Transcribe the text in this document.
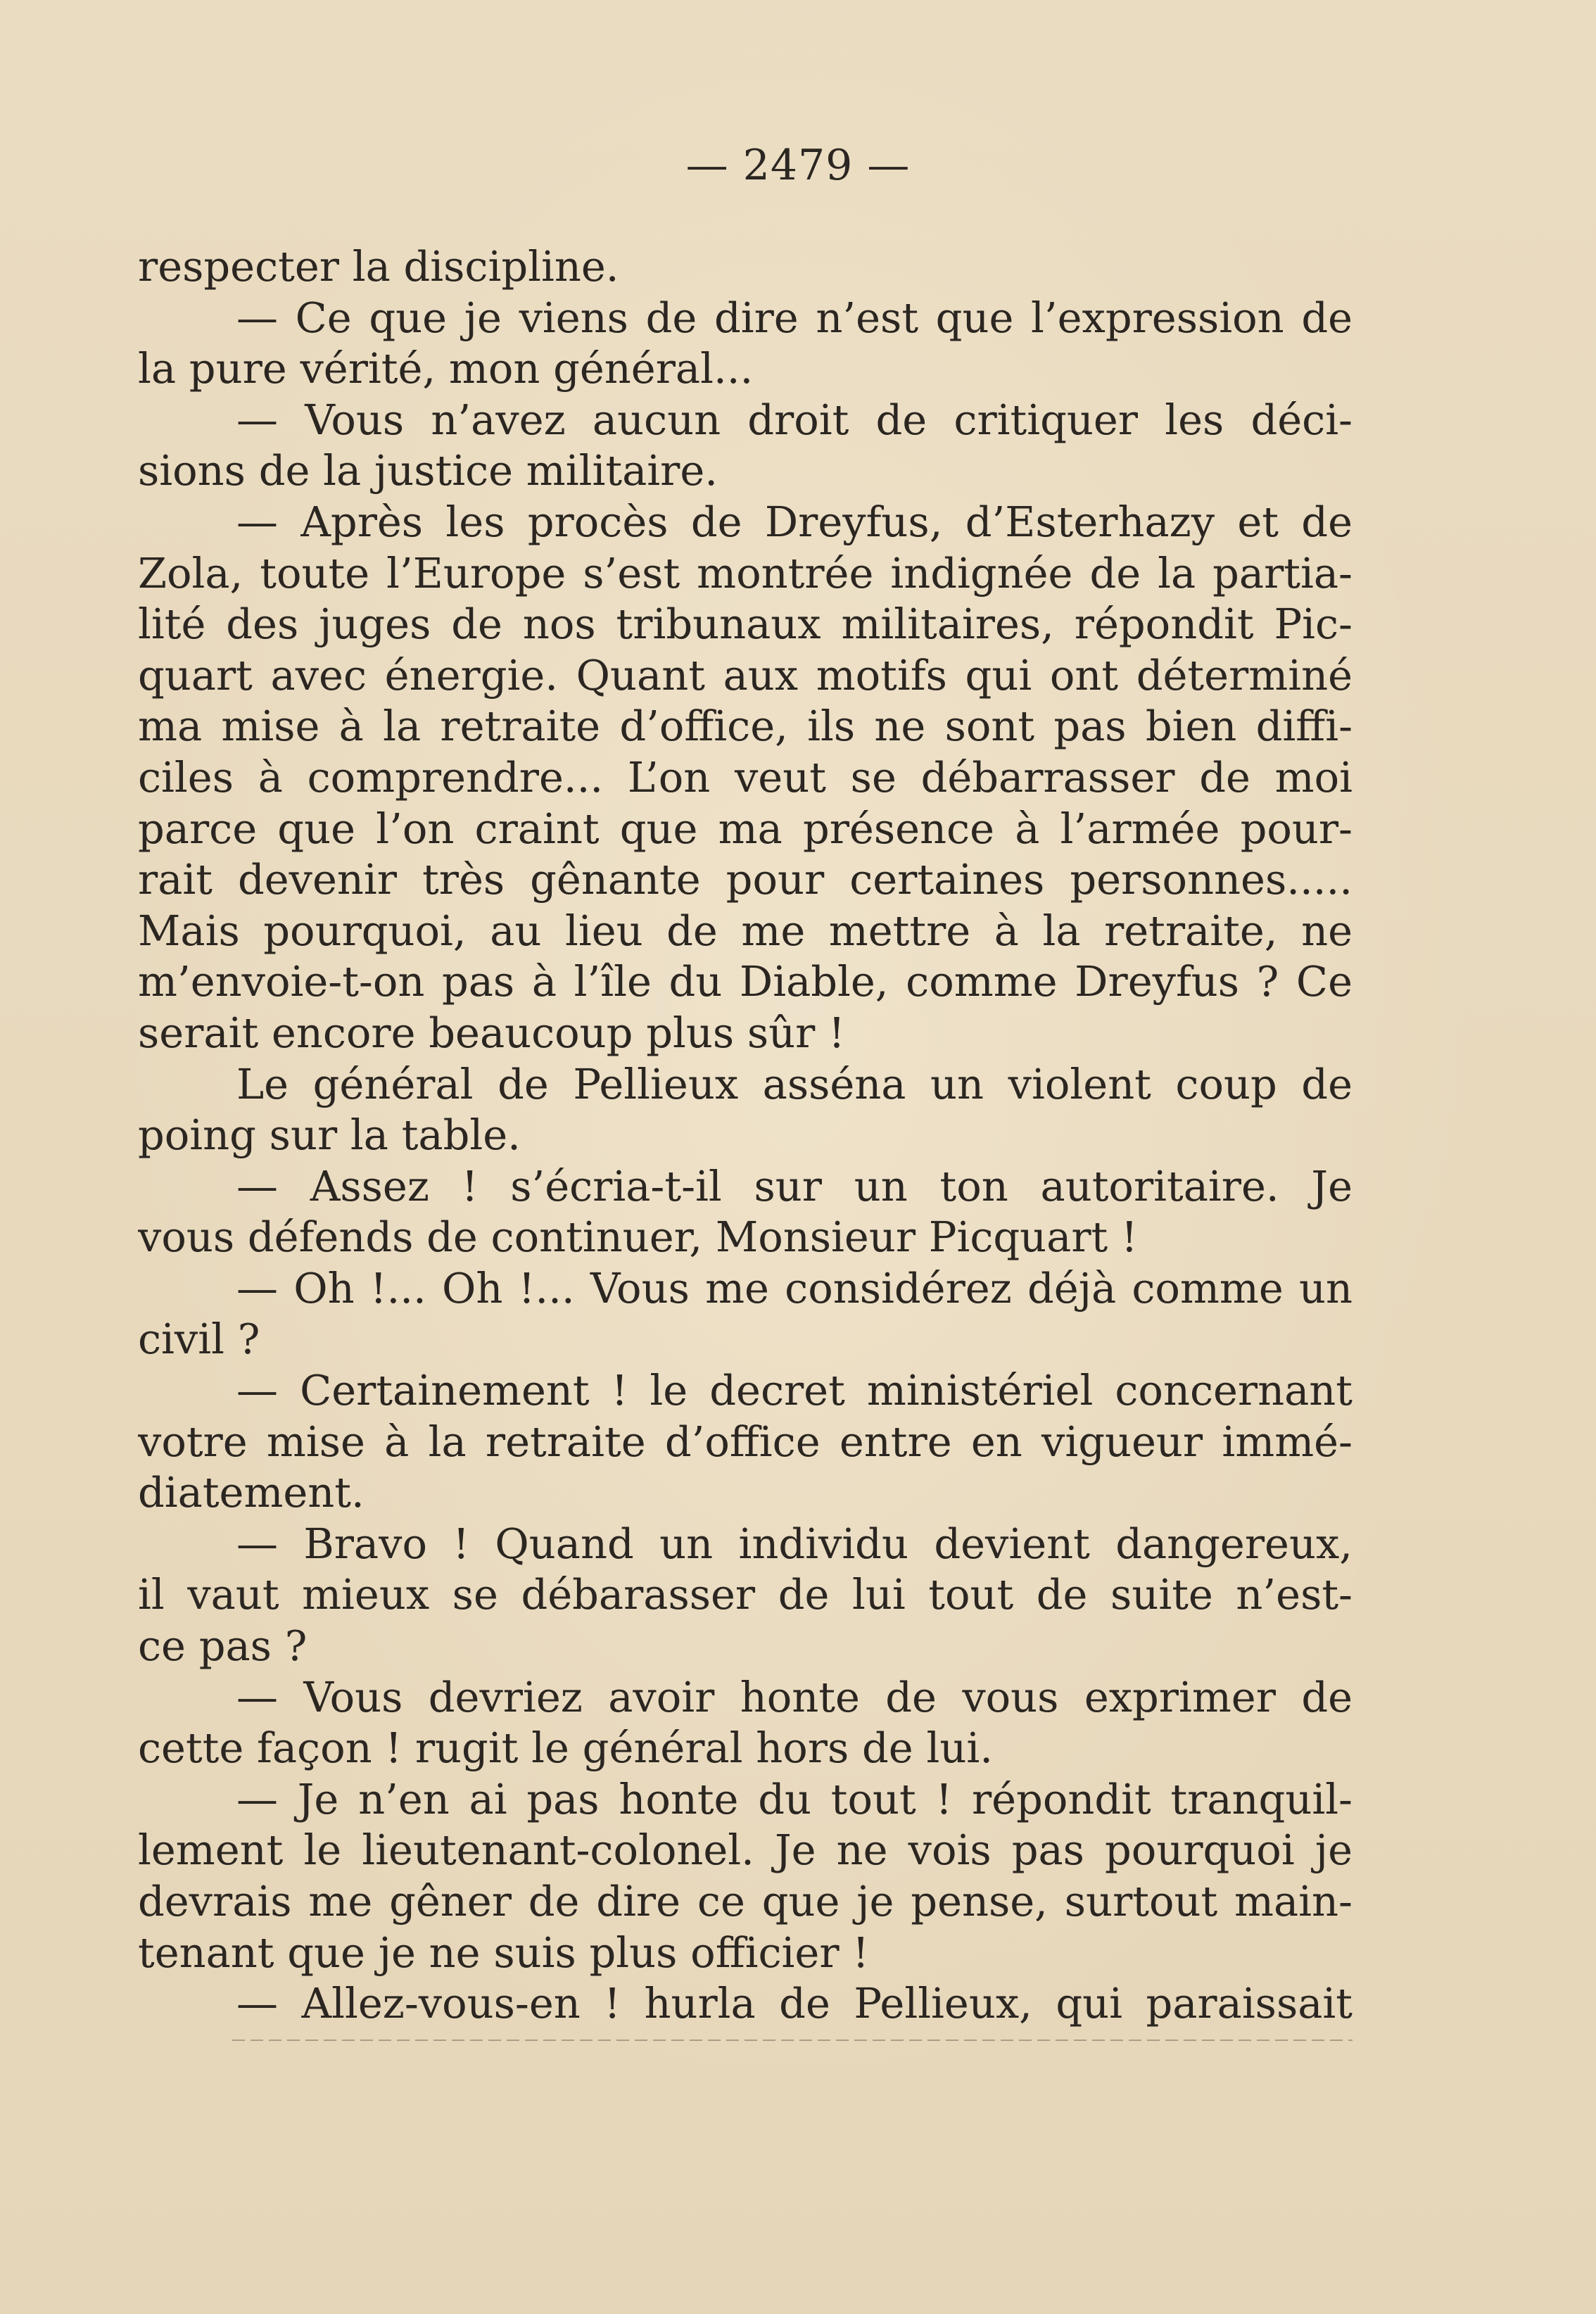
— 2479 —
respecter la discipline.
— Ce que je viens de dire n’est que l’expression de
la pure vérité, mon général...
— Vous n’avez aucun droit de critiquer les déci-
sions de la justice militaire.
— Après les procès de Dreyfus, d’Esterhazy et de
Zola, toute l’Europe s’est montrée indignée de la partia-
lité des juges de nos tribunaux militaires, répondit Pic-
quart avec énergie. Quant aux motifs qui ont déterminé
ma mise à la retraite d’office, ils ne sont pas bien diffi-
ciles à comprendre... L’on veut se débarrasser de moi
parce que l’on craint que ma présence à l’armée pour-
rait devenir très gênante pour certaines personnes.....
Mais pourquoi, au lieu de me mettre à la retraite, ne
m’envoie-t-on pas à l’île du Diable, comme Dreyfus ? Ce
serait encore beaucoup plus sûr !
Le général de Pellieux asséna un violent coup de
poing sur la table.
— Assez ! s’écria-t-il sur un ton autoritaire. Je
vous défends de continuer, Monsieur Picquart !
— Oh !... Oh !... Vous me considérez déjà comme un
civil ?
— Certainement ! le decret ministériel concernant
votre mise à la retraite d’office entre en vigueur immé-
diatement.
— Bravo ! Quand un individu devient dangereux,
il vaut mieux se débarasser de lui tout de suite n’est-
ce pas ?
— Vous devriez avoir honte de vous exprimer de
cette façon ! rugit le général hors de lui.
— Je n’en ai pas honte du tout ! répondit tranquil-
lement le lieutenant-colonel. Je ne vois pas pourquoi je
devrais me gêner de dire ce que je pense, surtout main-
tenant que je ne suis plus officier !
— Allez-vous-en ! hurla de Pellieux, qui paraissait
